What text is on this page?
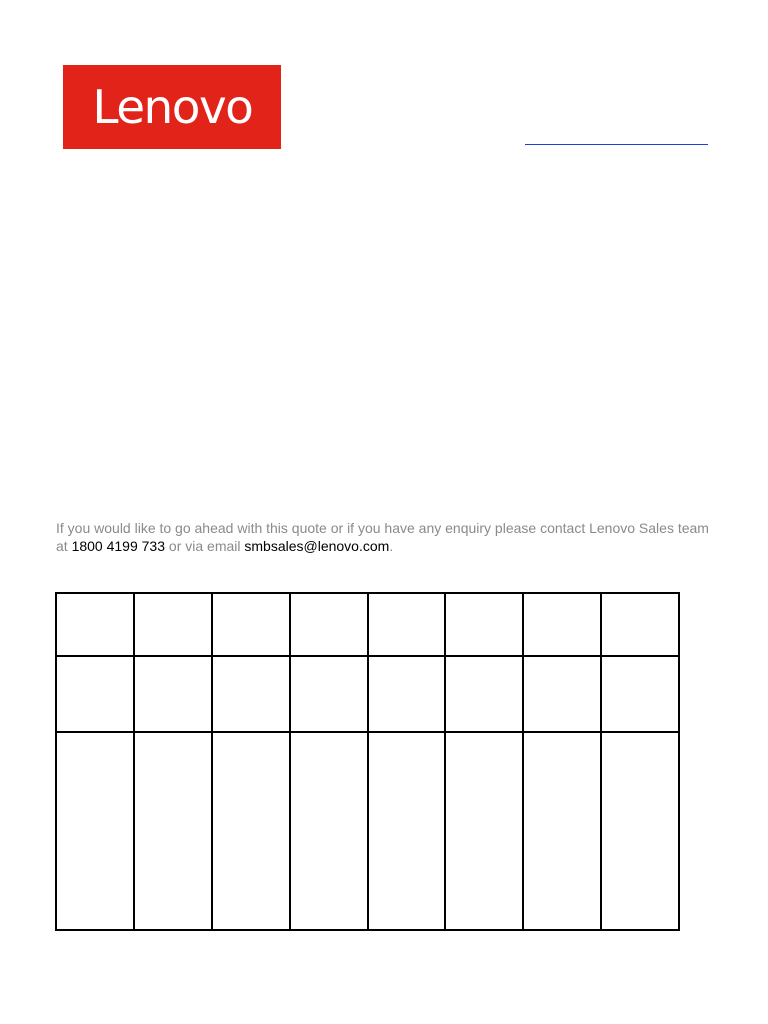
Lenovo

If you would like to go ahead with this quote or if you have any enquiry please contact Lenovo Sales team at 1800 4199 733 or via email smbsales@lenovo.com.
